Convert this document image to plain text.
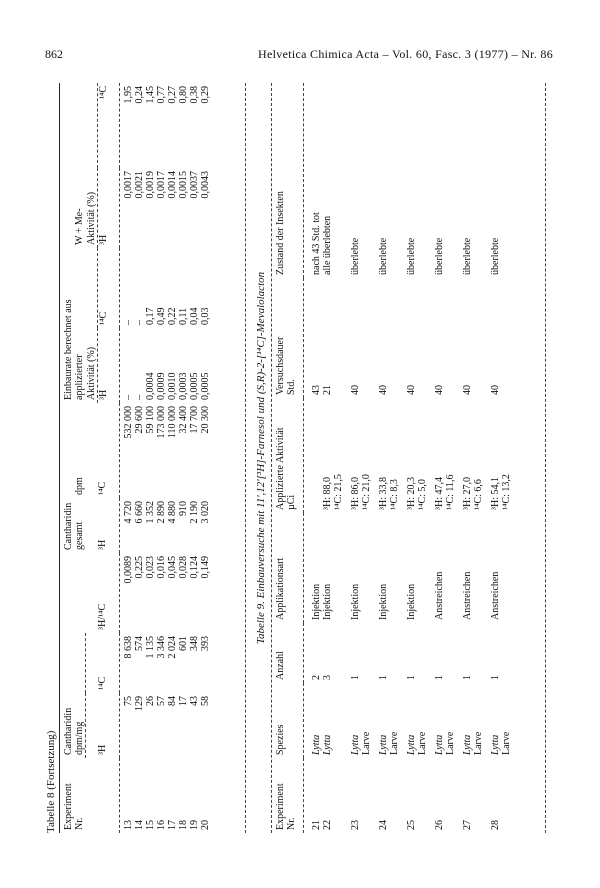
862	Helvetica Chimica Acta – Vol. 60, Fasc. 3 (1977) – Nr. 86
Tabelle 8 (Fortsetzung) Experiment	Cantharidin			Cantharidin		Einbaurate berechnet aus			
Nr.	dpm/mg			gesamt	dpm	applizierter		W + Me-	
						Aktivität (%)		Aktivität (%)	
	³H	¹⁴C	³H/¹⁴C	³H	¹⁴C	³H	¹⁴C	³H	¹⁴C

13	75	8 638	0,0089	4 720	532 000	–	–	0,0017	1,95
14	129	574	0,225	6 660	29 600	–	–	0,0021	0,24
15	26	1 135	0,023	1 352	59 100	0,0004	0,17	0,0019	1,45
16	57	3 346	0,016	2 890	173 000	0,0009	0,49	0,0017	0,77
17	84	2 024	0,045	4 880	110 000	0,0010	0,22	0,0014	0,27
18	17	601	0,028	910	32 400	0,0003	0,11	0,0015	0,80
19	43	348	0,124	2 190	17 700	0,0005	0,04	0,0037	0,38
20	58	393	0,149	3 020	20 300	0,0005	0,03	0,0043	0,29
Tabelle 9. Einbauversuche mit 11',12'[³H]-Farnesol und (S,R)-2-[¹⁴C]-Mevalolacton
Experiment	Spezies	Anzahl	Applikationsart	Applizierte Aktivität	Versuchsdauer	Zustand der Insekten
Nr.				µCi	Std.	

21	Lytta	2	Injektion		43	nach 43 Std. tot
22	Lytta	3	Injektion	³H: 88,0	21	alle überlebten
				¹⁴C: 21,5		

23	Lytta	1	Injektion	³H: 86,0	40	überlebte
	Larve			¹⁴C: 21,0		

24	Lytta	1	Injektion	³H: 33,8	40	überlebte
	Larve			¹⁴C: 8,3		

25	Lytta	1	Injektion	³H: 20,3	40	überlebte
	Larve			¹⁴C: 5,0		

26	Lytta	1	Anstreichen	³H: 47,4	40	überlebte
	Larve			¹⁴C: 11,6		

27	Lytta	1	Anstreichen	³H: 27,0	40	überlebte
	Larve			¹⁴C: 6,6		

28	Lytta	1	Anstreichen	³H: 54,1	40	überlebte
	Larve			¹⁴C: 13,2		
